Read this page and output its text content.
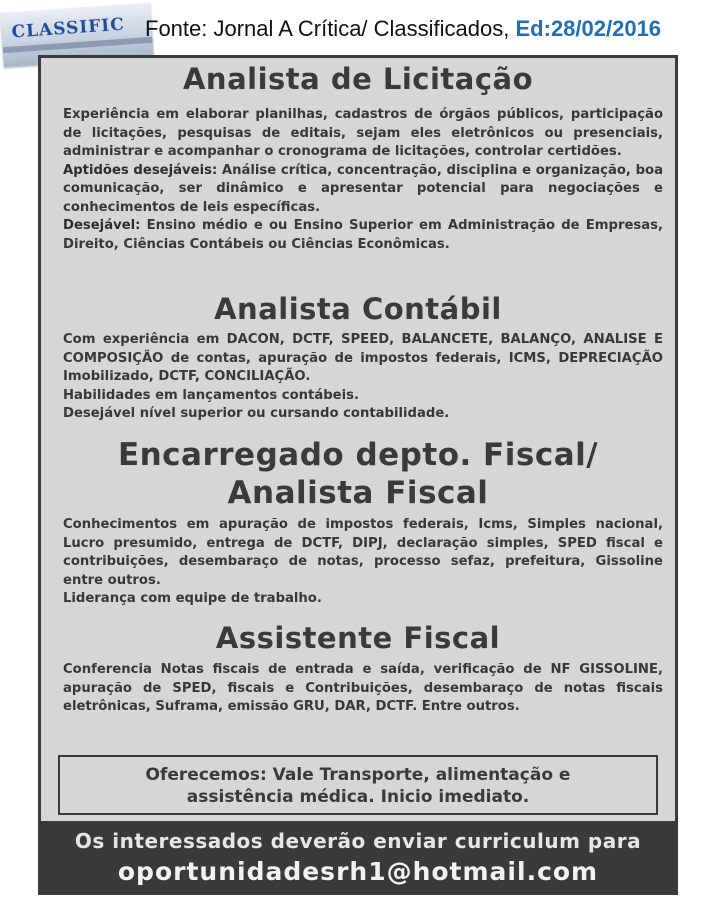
CLASSIFIC Fonte: Jornal A Crítica/ Classificados, Ed:28/02/2016
Analista de Licitação

Experiência em elaborar planilhas, cadastros de órgãos públicos, participação de licitações, pesquisas de editais, sejam eles eletrônicos ou presenciais, administrar e acompanhar o cronograma de licitações, controlar certidões.

Aptidões desejáveis: Análise crítica, concentração, disciplina e organização, boa comunicação, ser dinâmico e apresentar potencial para negociações e conhecimentos de leis específicas.

Desejável: Ensino médio e ou Ensino Superior em Administração de Empresas, Direito, Ciências Contábeis ou Ciências Econômicas.

Analista Contábil

Com experiência em DACON, DCTF, SPEED, BALANCETE, BALANÇO, ANALISE E COMPOSIÇÃO de contas, apuração de impostos federais, ICMS, DEPRECIAÇÃO Imobilizado, DCTF, CONCILIAÇÃO.

Habilidades em lançamentos contábeis.

Desejável nível superior ou cursando contabilidade.

Encarregado depto. Fiscal/
Analista Fiscal

Conhecimentos em apuração de impostos federais, Icms, Simples nacional, Lucro presumido, entrega de DCTF, DIPJ, declaração simples, SPED fiscal e contribuições, desembaraço de notas, processo sefaz, prefeitura, Gissoline entre outros.

Liderança com equipe de trabalho.

Assistente Fiscal

Conferencia Notas fiscais de entrada e saída, verificação de NF GISSOLINE, apuração de SPED, fiscais e Contribuições, desembaraço de notas fiscais eletrônicas, Suframa, emissão GRU, DAR, DCTF. Entre outros.

Oferecemos: Vale Transporte, alimentação e
assistência médica. Inicio imediato.
Os interessados deverão enviar curriculum para
oportunidadesrh1@hotmail.com
